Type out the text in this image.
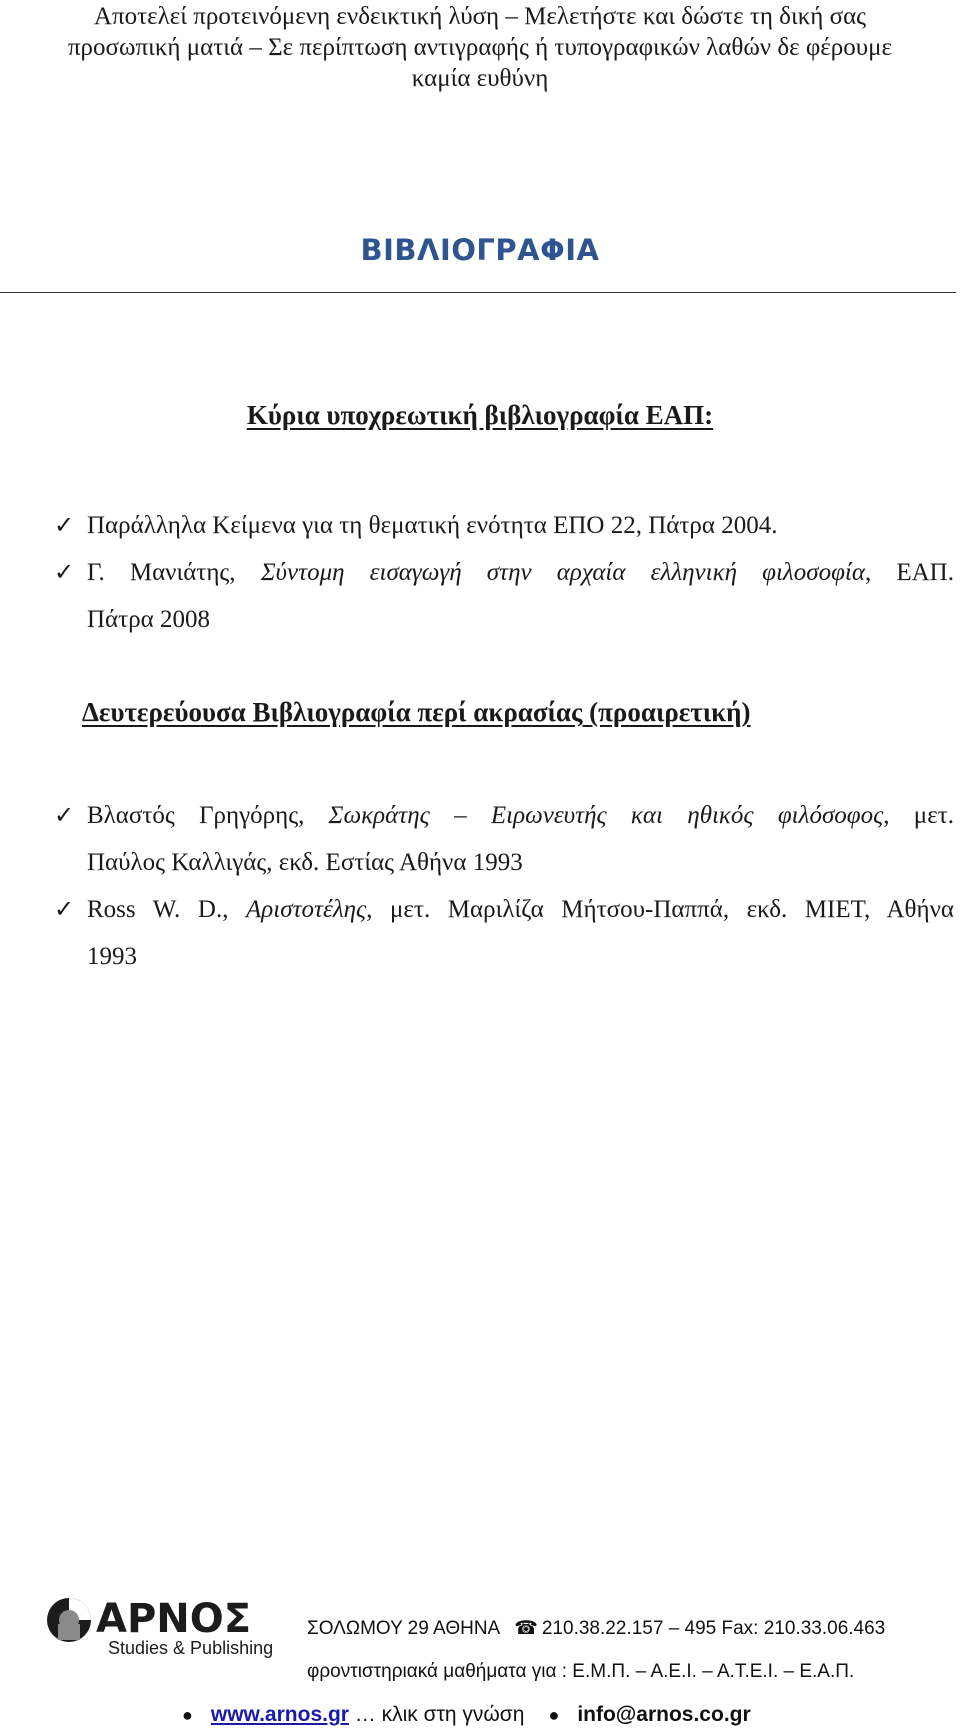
Αποτελεί προτεινόμενη ενδεικτική λύση – Μελετήστε και δώστε τη δική σας
προσωπική ματιά – Σε περίπτωση αντιγραφής ή τυπογραφικών λαθών δε φέρουμε
καμία ευθύνη
ΒΙΒΛΙΟΓΡΑΦΙΑ
Κύρια υποχρεωτική βιβλιογραφία ΕΑΠ:
✓ Παράλληλα Κείμενα για τη θεματική ενότητα ΕΠΟ 22, Πάτρα 2004.
✓ Γ. Μανιάτης, Σύντομη εισαγωγή στην αρχαία ελληνική φιλοσοφία, ΕΑΠ.
Πάτρα 2008
Δευτερεύουσα Βιβλιογραφία περί ακρασίας (προαιρετική)
✓ Βλαστός Γρηγόρης, Σωκράτης – Ειρωνευτής και ηθικός φιλόσοφος, μετ.
Παύλος Καλλιγάς, εκδ. Εστίας Αθήνα 1993
✓ Ross W. D., Αριστοτέλης, μετ. Μαριλίζα Μήτσου-Παππά, εκδ. ΜΙΕΤ, Αθήνα
1993
ΑΡΝΟΣ
Studies & Publishing
ΣΟΛΩΜΟΥ 29 ΑΘΗΝΑ ☎ 210.38.22.157 – 495 Fax: 210.33.06.463
φροντιστηριακά μαθήματα για : Ε.Μ.Π. – Α.Ε.Ι. – Α.Τ.Ε.Ι. – Ε.Α.Π.
● www.arnos.gr … κλικ στη γνώση ● info@arnos.co.gr
